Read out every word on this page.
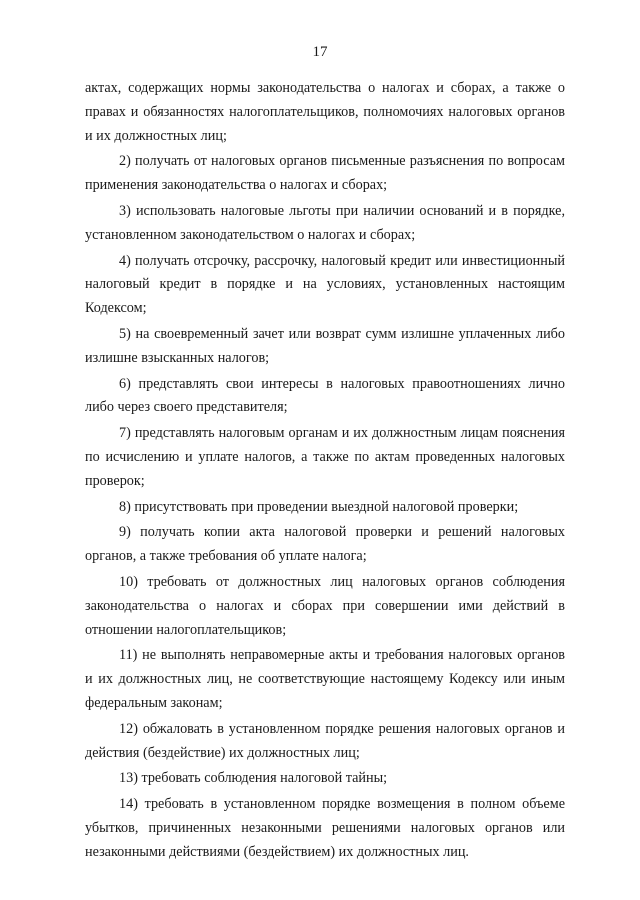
17

актах, содержащих нормы законодательства о налогах и сборах, а также о правах и обязанностях налогоплательщиков, полномочиях налоговых органов и их должностных лиц;

2) получать от налоговых органов письменные разъяснения по вопросам применения законодательства о налогах и сборах;

3) использовать налоговые льготы при наличии оснований и в порядке, установленном законодательством о налогах и сборах;

4) получать отсрочку, рассрочку, налоговый кредит или инвестиционный налоговый кредит в порядке и на условиях, установленных настоящим Кодексом;

5) на своевременный зачет или возврат сумм излишне уплаченных либо излишне взысканных налогов;

6) представлять свои интересы в налоговых правоотношениях лично либо через своего представителя;

7) представлять налоговым органам и их должностным лицам пояснения по исчислению и уплате налогов, а также по актам проведенных налоговых проверок;

8) присутствовать при проведении выездной налоговой проверки;

9) получать копии акта налоговой проверки и решений налоговых органов, а также требования об уплате налога;

10) требовать от должностных лиц налоговых органов соблюдения законодательства о налогах и сборах при совершении ими действий в отношении налогоплательщиков;

11) не выполнять неправомерные акты и требования налоговых органов и их должностных лиц, не соответствующие настоящему Кодексу или иным федеральным законам;

12) обжаловать в установленном порядке решения налоговых органов и действия (бездействие) их должностных лиц;

13) требовать соблюдения налоговой тайны;

14) требовать в установленном порядке возмещения в полном объеме убытков, причиненных незаконными решениями налоговых органов или незаконными действиями (бездействием) их должностных лиц.
